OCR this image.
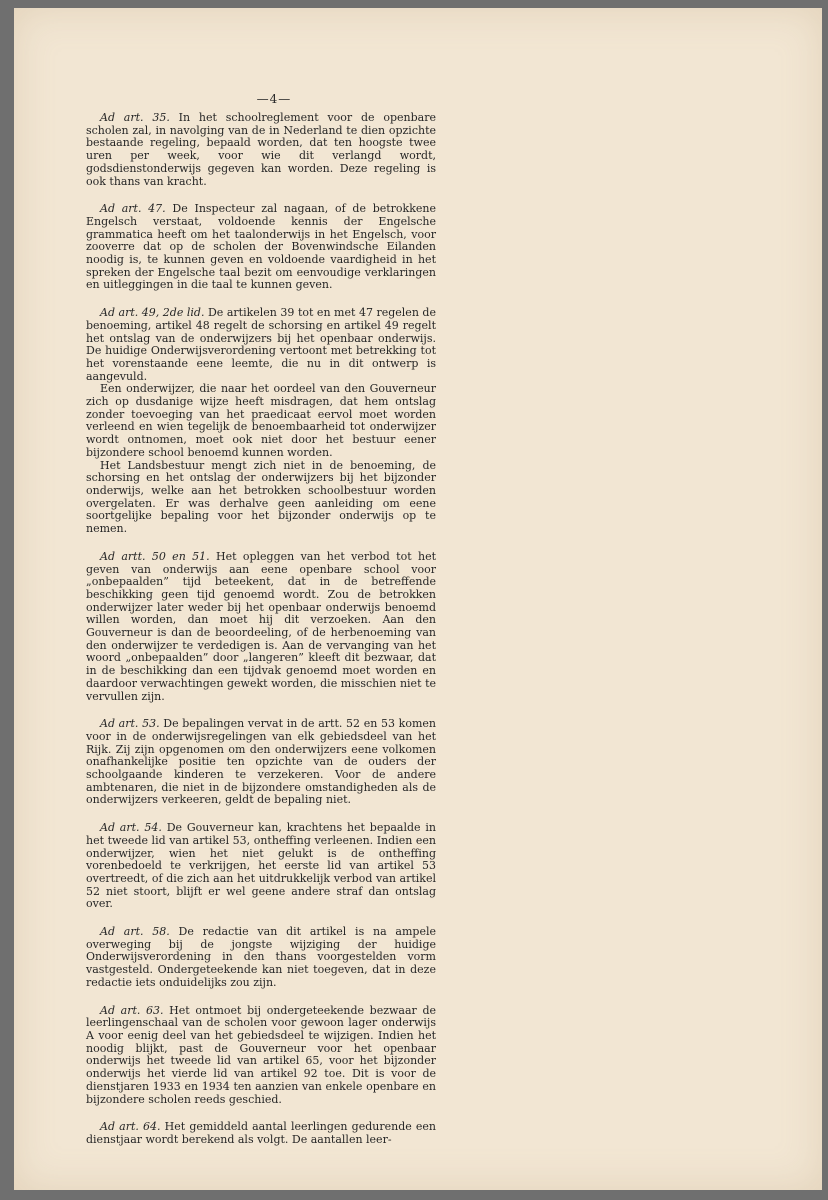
—4—

Ad art. 35. In het schoolreglement voor de openbare scholen zal, in navolging van de in Nederland te dien opzichte bestaande regeling, bepaald worden, dat ten hoogste twee uren per week, voor wie dit verlangd wordt, godsdienstonderwijs gegeven kan worden. Deze regeling is ook thans van kracht.

Ad art. 47. De Inspecteur zal nagaan, of de betrokkene Engelsch verstaat, voldoende kennis der Engelsche grammatica heeft om het taalonderwijs in het Engelsch, voor zooverre dat op de scholen der Bovenwindsche Eilanden noodig is, te kunnen geven en voldoende vaardigheid in het spreken der Engelsche taal bezit om eenvoudige verklaringen en uitleggingen in die taal te kunnen geven.

Ad art. 49, 2de lid. De artikelen 39 tot en met 47 regelen de benoeming, artikel 48 regelt de schorsing en artikel 49 regelt het ontslag van de onderwijzers bij het openbaar onderwijs. De huidige Onderwijsverordening vertoont met betrekking tot het vorenstaande eene leemte, die nu in dit ontwerp is aangevuld.

Een onderwijzer, die naar het oordeel van den Gouverneur zich op dusdanige wijze heeft misdragen, dat hem ontslag zonder toevoeging van het praedicaat eervol moet worden verleend en wien tegelijk de benoembaarheid tot onderwijzer wordt ontnomen, moet ook niet door het bestuur eener bijzondere school benoemd kunnen worden.

Het Landsbestuur mengt zich niet in de benoeming, de schorsing en het ontslag der onderwijzers bij het bijzonder onderwijs, welke aan het betrokken schoolbestuur worden overgelaten. Er was derhalve geen aanleiding om eene soortgelijke bepaling voor het bijzonder onderwijs op te nemen.

Ad artt. 50 en 51. Het opleggen van het verbod tot het geven van onderwijs aan eene openbare school voor „onbepaalden” tijd beteekent, dat in de betreffende beschikking geen tijd genoemd wordt. Zou de betrokken onderwijzer later weder bij het openbaar onderwijs benoemd willen worden, dan moet hij dit verzoeken. Aan den Gouverneur is dan de beoordeeling, of de herbenoeming van den onderwijzer te verdedigen is. Aan de vervanging van het woord „onbepaalden” door „langeren” kleeft dit bezwaar, dat in de beschikking dan een tijdvak genoemd moet worden en daardoor verwachtingen gewekt worden, die misschien niet te vervullen zijn.

Ad art. 53. De bepalingen vervat in de artt. 52 en 53 komen voor in de onderwijsregelingen van elk gebiedsdeel van het Rijk. Zij zijn opgenomen om den onderwijzers eene volkomen onafhankelijke positie ten opzichte van de ouders der schoolgaande kinderen te verzekeren. Voor de andere ambtenaren, die niet in de bijzondere omstandigheden als de onderwijzers verkeeren, geldt de bepaling niet.

Ad art. 54. De Gouverneur kan, krachtens het bepaalde in het tweede lid van artikel 53, ontheffing verleenen. Indien een onderwijzer, wien het niet gelukt is de ontheffing vorenbedoeld te verkrijgen, het eerste lid van artikel 53 overtreedt, of die zich aan het uitdrukkelijk verbod van artikel 52 niet stoort, blijft er wel geene andere straf dan ontslag over.

Ad art. 58. De redactie van dit artikel is na ampele overweging bij de jongste wijziging der huidige Onderwijsverordening in den thans voorgestelden vorm vastgesteld. Ondergeteekende kan niet toegeven, dat in deze redactie iets onduidelijks zou zijn.

Ad art. 63. Het ontmoet bij ondergeteekende bezwaar de leerlingenschaal van de scholen voor gewoon lager onderwijs A voor eenig deel van het gebiedsdeel te wijzigen. Indien het noodig blijkt, past de Gouverneur voor het openbaar onderwijs het tweede lid van artikel 65, voor het bijzonder onderwijs het vierde lid van artikel 92 toe. Dit is voor de dienstjaren 1933 en 1934 ten aanzien van enkele openbare en bijzondere scholen reeds geschied.

Ad art. 64. Het gemiddeld aantal leerlingen gedurende een dienstjaar wordt berekend als volgt. De aantallen leer-
